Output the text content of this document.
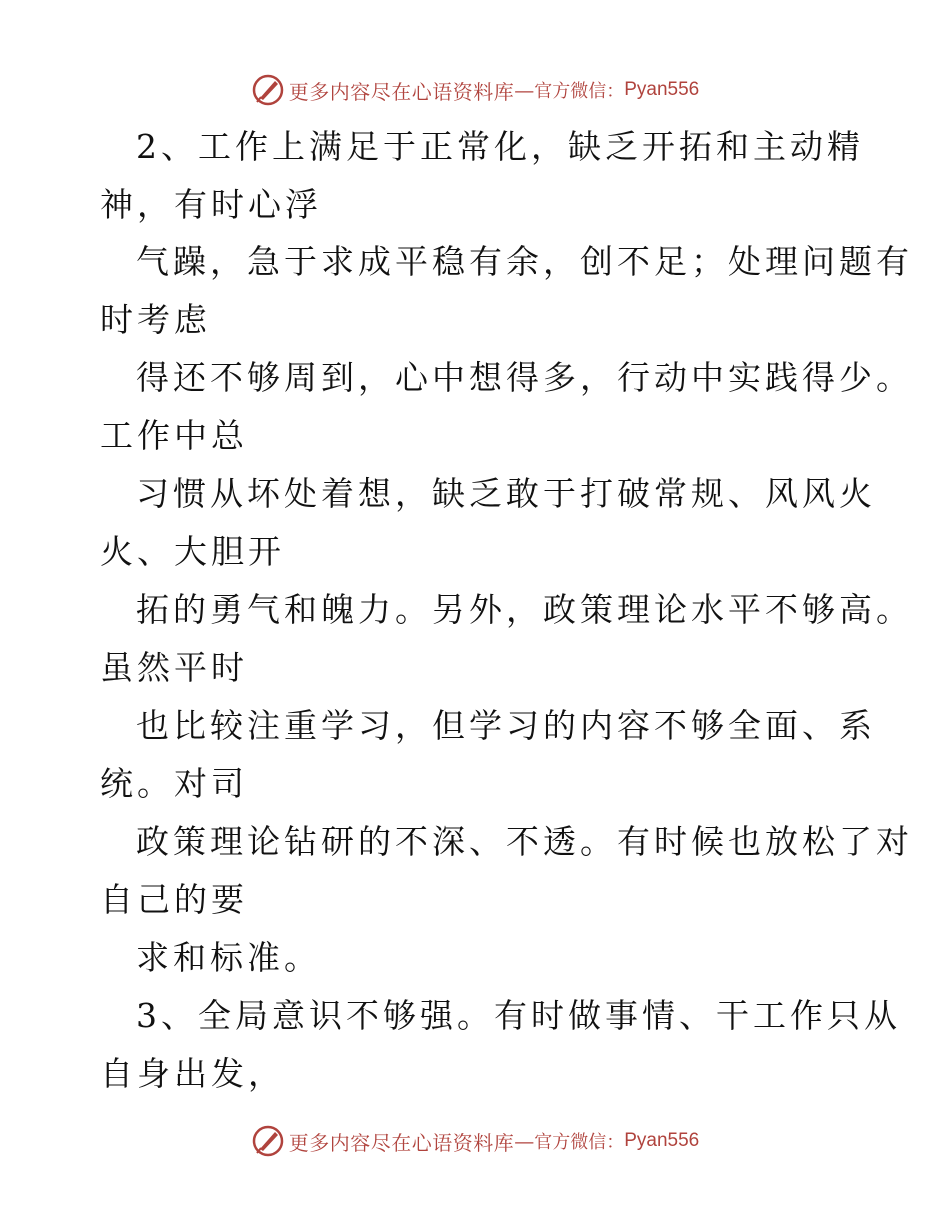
更多内容尽在心语资料库 — 官方微信： Pyan556
2、工作上满足于正常化，缺乏开拓和主动精
神，有时心浮
气躁，急于求成平稳有余，创不足；处理问题有
时考虑
得还不够周到，心中想得多，行动中实践得少。
工作中总
习惯从坏处着想，缺乏敢于打破常规、风风火
火、大胆开
拓的勇气和魄力。另外，政策理论水平不够高。
虽然平时
也比较注重学习，但学习的内容不够全面、系
统。对司
政策理论钻研的不深、不透。有时候也放松了对
自己的要
求和标准。
3、全局意识不够强。有时做事情、干工作只从
自身出发，
更多内容尽在心语资料库 — 官方微信： Pyan556
